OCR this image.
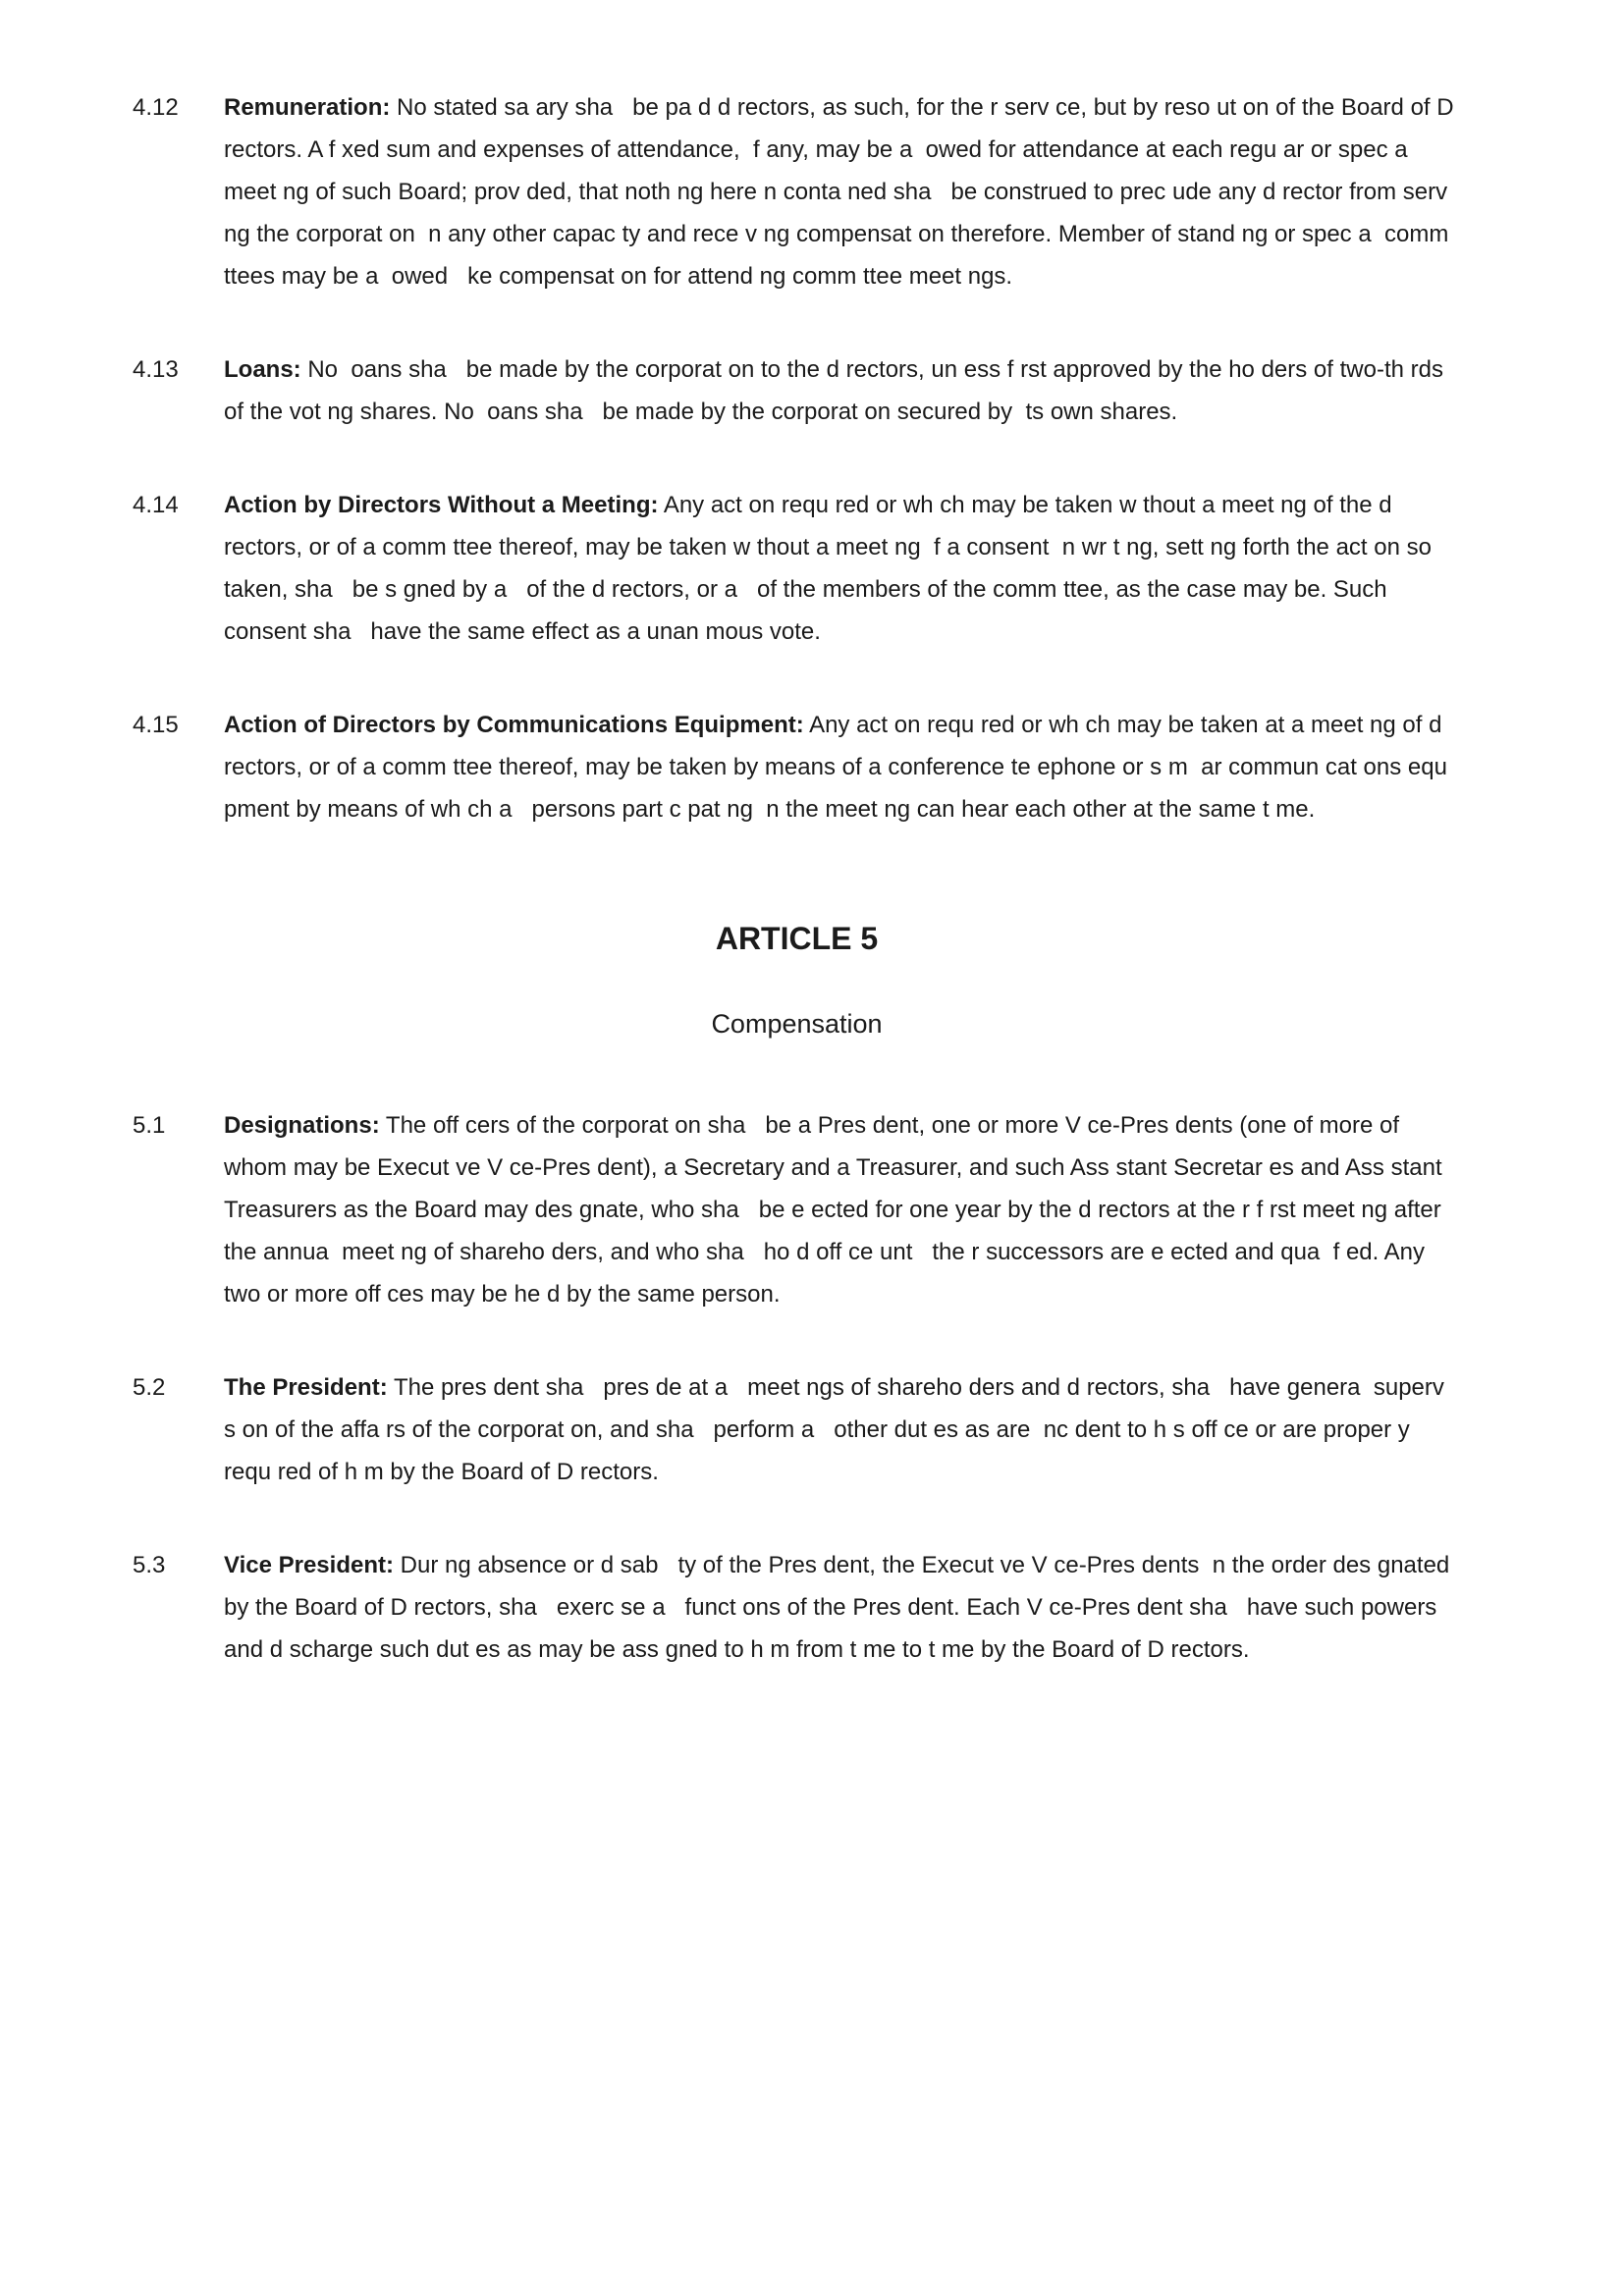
4.12	Remuneration: No stated sa ary sha   be pa d d rectors, as such, for the r serv ce, but by reso ut on of the Board of D rectors. A f xed sum and expenses of attendance,  f any, may be a  owed for attendance at each regu ar or spec a  meet ng of such Board; prov ded, that noth ng here n conta ned sha   be construed to prec ude any d rector from serv ng the corporat on  n any other capac ty and rece v ng compensat on therefore. Member of stand ng or spec a  comm ttees may be a  owed   ke compensat on for attend ng comm ttee meet ngs.

4.13	Loans: No  oans sha   be made by the corporat on to the d rectors, un ess f rst approved by the ho ders of two-th rds of the vot ng shares. No  oans sha   be made by the corporat on secured by  ts own shares.

4.14	Action by Directors Without a Meeting: Any act on requ red or wh ch may be taken w thout a meet ng of the d rectors, or of a comm ttee thereof, may be taken w thout a meet ng  f a consent  n wr t ng, sett ng forth the act on so taken, sha   be s gned by a   of the d rectors, or a   of the members of the comm ttee, as the case may be. Such consent sha   have the same effect as a unan mous vote.

4.15	Action of Directors by Communications Equipment: Any act on requ red or wh ch may be taken at a meet ng of d rectors, or of a comm ttee thereof, may be taken by means of a conference te ephone or s m  ar commun cat ons equ pment by means of wh ch a   persons part c pat ng  n the meet ng can hear each other at the same t me.

ARTICLE 5
Compensation
5.1	Designations: The off cers of the corporat on sha   be a Pres dent, one or more V ce-Pres dents (one of more of whom may be Execut ve V ce-Pres dent), a Secretary and a Treasurer, and such Ass stant Secretar es and Ass stant Treasurers as the Board may des gnate, who sha   be e ected for one year by the d rectors at the r f rst meet ng after the annua  meet ng of shareho ders, and who sha   ho d off ce unt   the r successors are e ected and qua  f ed. Any two or more off ces may be he d by the same person.

5.2	The President: The pres dent sha   pres de at a   meet ngs of shareho ders and d rectors, sha   have genera  superv s on of the affa rs of the corporat on, and sha   perform a   other dut es as are  nc dent to h s off ce or are proper y requ red of h m by the Board of D rectors.

5.3	Vice President: Dur ng absence or d sab   ty of the Pres dent, the Execut ve V ce-Pres dents  n the order des gnated by the Board of D rectors, sha   exerc se a   funct ons of the Pres dent. Each V ce-Pres dent sha   have such powers and d scharge such dut es as may be ass gned to h m from t me to t me by the Board of D rectors.
